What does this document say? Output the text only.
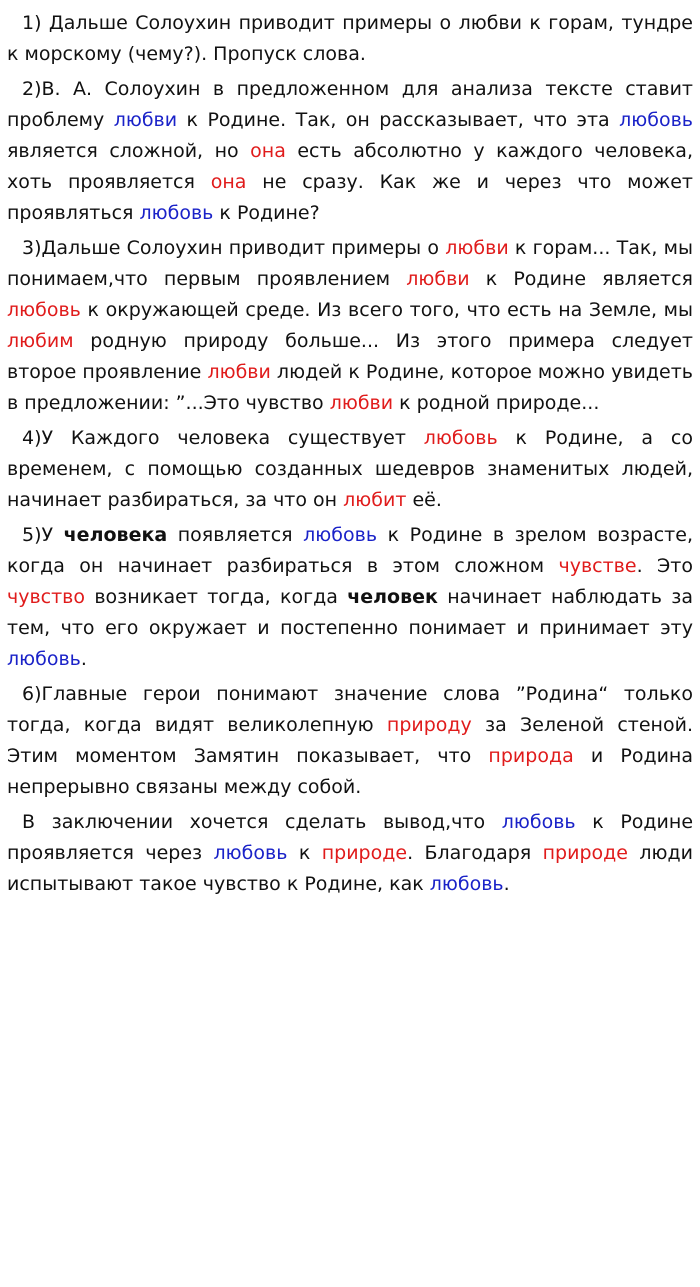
1) Дальше Солоухин приводит примеры о любви к горам, тундре к морскому (чему?). Пропуск слова.

2)В. А. Солоухин в предложенном для анализа тексте ставит проблему любви к Родине. Так, он рассказывает, что эта любовь является сложной, но она есть абсолютно у каждого человека, хоть проявляется она не сразу. Как же и через что может проявляться любовь к Родине?

3)Дальше Солоухин приводит примеры о любви к горам... Так, мы понимаем,что первым проявлением любви к Родине является любовь к окружающей среде. Из всего того, что есть на Земле, мы любим родную природу больше... Из этого примера следует второе проявление любви людей к Родине, которое можно увидеть в предложении: ”...Это чувство любви к родной природе...

4)У Каждого человека существует любовь к Родине, а со временем, с помощью созданных шедевров знаменитых людей, начинает разбираться, за что он любит её.

5)У человека появляется любовь к Родине в зрелом возрасте, когда он начинает разбираться в этом сложном чувстве. Это чувство возникает тогда, когда человек начинает наблюдать за тем, что его окружает и постепенно понимает и принимает эту любовь.

6)Главные герои понимают значение слова ”Родина“ только тогда, когда видят великолепную природу за Зеленой стеной. Этим моментом Замятин показывает, что природа и Родина непрерывно связаны между собой.

В заключении хочется сделать вывод,что любовь к Родине проявляется через любовь к природе. Благодаря природе люди испытывают такое чувство к Родине, как любовь.
